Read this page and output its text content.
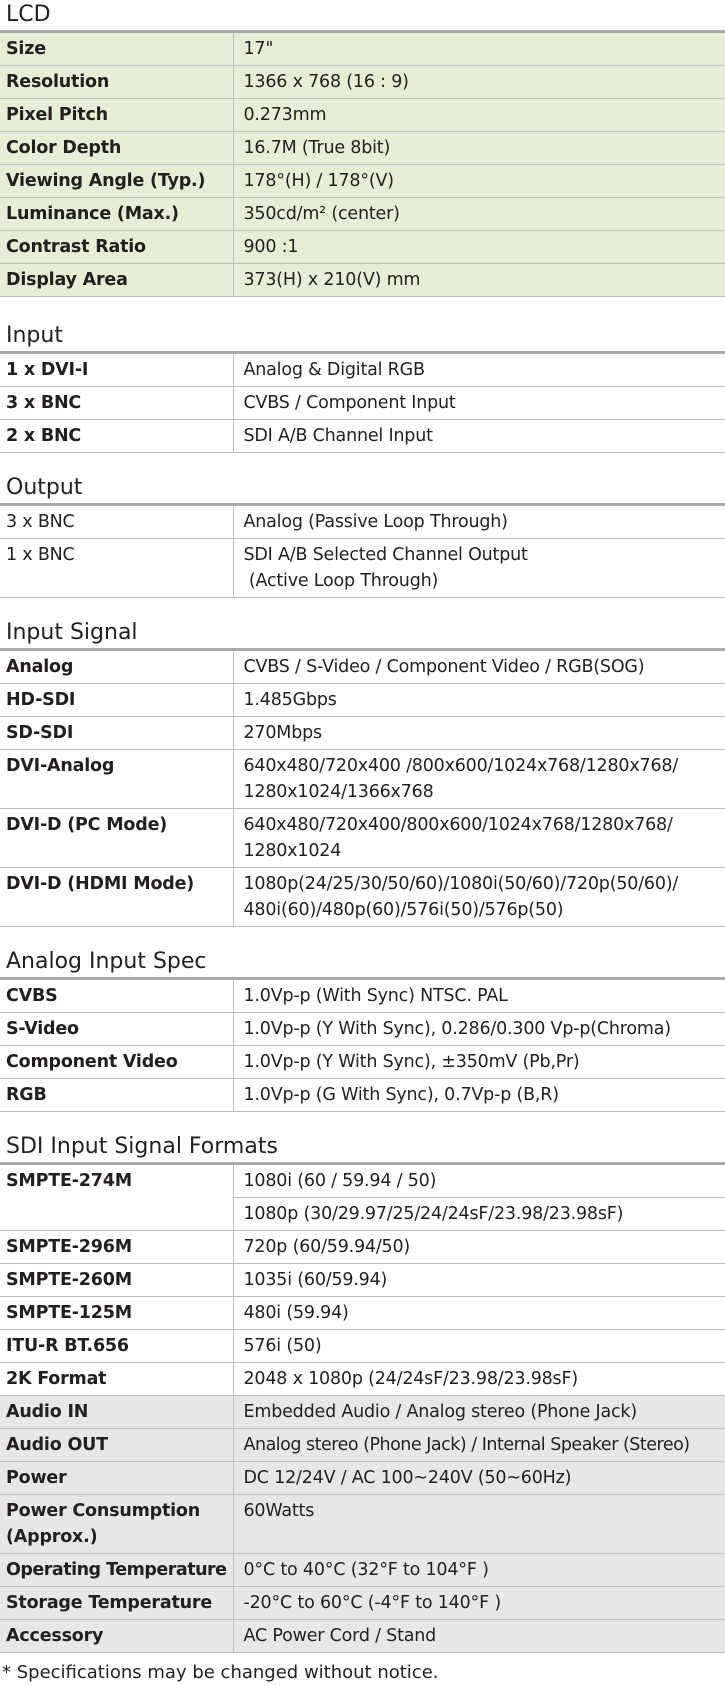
LCD
Size	17"
Resolution	1366 x 768 (16 : 9)
Pixel Pitch	0.273mm
Color Depth	16.7M (True 8bit)
Viewing Angle (Typ.)	178°(H) / 178°(V)
Luminance (Max.)	350cd/m² (center)
Contrast Ratio	900 :1
Display Area	373(H) x 210(V) mm
Input
1 x DVI-I	Analog & Digital RGB
3 x BNC	CVBS / Component Input
2 x BNC	SDI A/B Channel Input
Output
3 x BNC	Analog (Passive Loop Through)
1 x BNC	SDI A/B Selected Channel Output
(Active Loop Through)
Input Signal
Analog	CVBS / S-Video / Component Video / RGB(SOG)
HD-SDI	1.485Gbps
SD-SDI	270Mbps
DVI-Analog	640x480/720x400 /800x600/1024x768/1280x768/
1280x1024/1366x768

DVI-D (PC Mode)	640x480/720x400/800x600/1024x768/1280x768/
1280x1024

DVI-D (HDMI Mode)	1080p(24/25/30/50/60)/1080i(50/60)/720p(50/60)/
480i(60)/480p(60)/576i(50)/576p(50)
Analog Input Spec
CVBS	1.0Vp-p (With Sync) NTSC. PAL
S-Video	1.0Vp-p (Y With Sync), 0.286/0.300 Vp-p(Chroma)
Component Video	1.0Vp-p (Y With Sync), ±350mV (Pb,Pr)
RGB	1.0Vp-p (G With Sync), 0.7Vp-p (B,R)
SDI Input Signal Formats
SMPTE-274M	1080i (60 / 59.94 / 50)
	1080p (30/29.97/25/24/24sF/23.98/23.98sF)
SMPTE-296M	720p (60/59.94/50)
SMPTE-260M	1035i (60/59.94)
SMPTE-125M	480i (59.94)
ITU-R BT.656	576i (50)
2K Format	2048 x 1080p (24/24sF/23.98/23.98sF)
Audio IN	Embedded Audio / Analog stereo (Phone Jack)
Audio OUT	Analog stereo (Phone Jack) / Internal Speaker (Stereo)
Power	DC 12/24V / AC 100~240V (50~60Hz)

Power Consumption
(Approx.)	60Watts
Operating Temperature	0°C to 40°C (32°F to 104°F )
Storage Temperature	-20°C to 60°C (-4°F to 140°F )
Accessory	AC Power Cord / Stand
* Specifications may be changed without notice.
